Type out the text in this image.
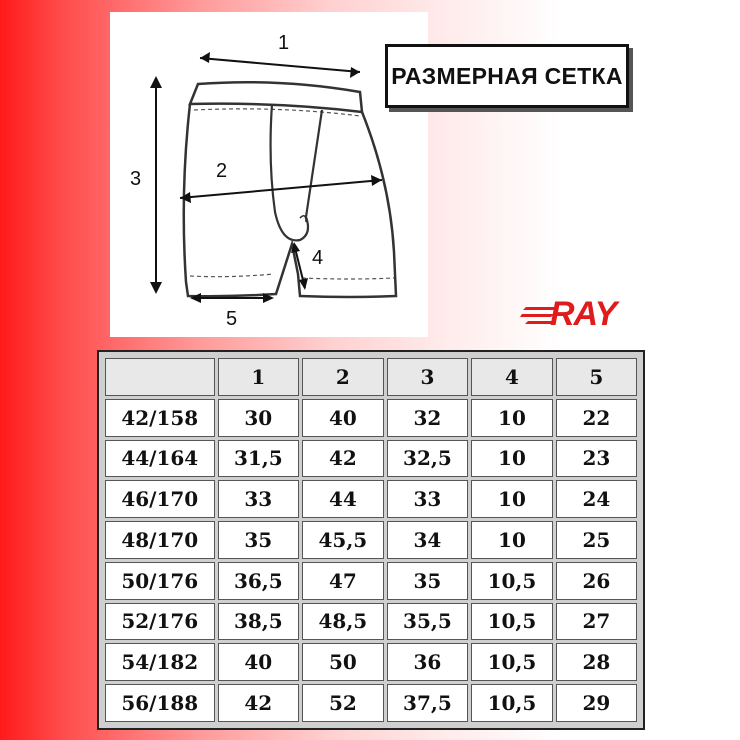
1
2
3
4
5
РАЗМЕРНАЯ СЕТКА
RAY
	1	2	3	4	5
42/158	30	40	32	10	22
44/164	31,5	42	32,5	10	23
46/170	33	44	33	10	24
48/170	35	45,5	34	10	25
50/176	36,5	47	35	10,5	26
52/176	38,5	48,5	35,5	10,5	27
54/182	40	50	36	10,5	28
56/188	42	52	37,5	10,5	29
